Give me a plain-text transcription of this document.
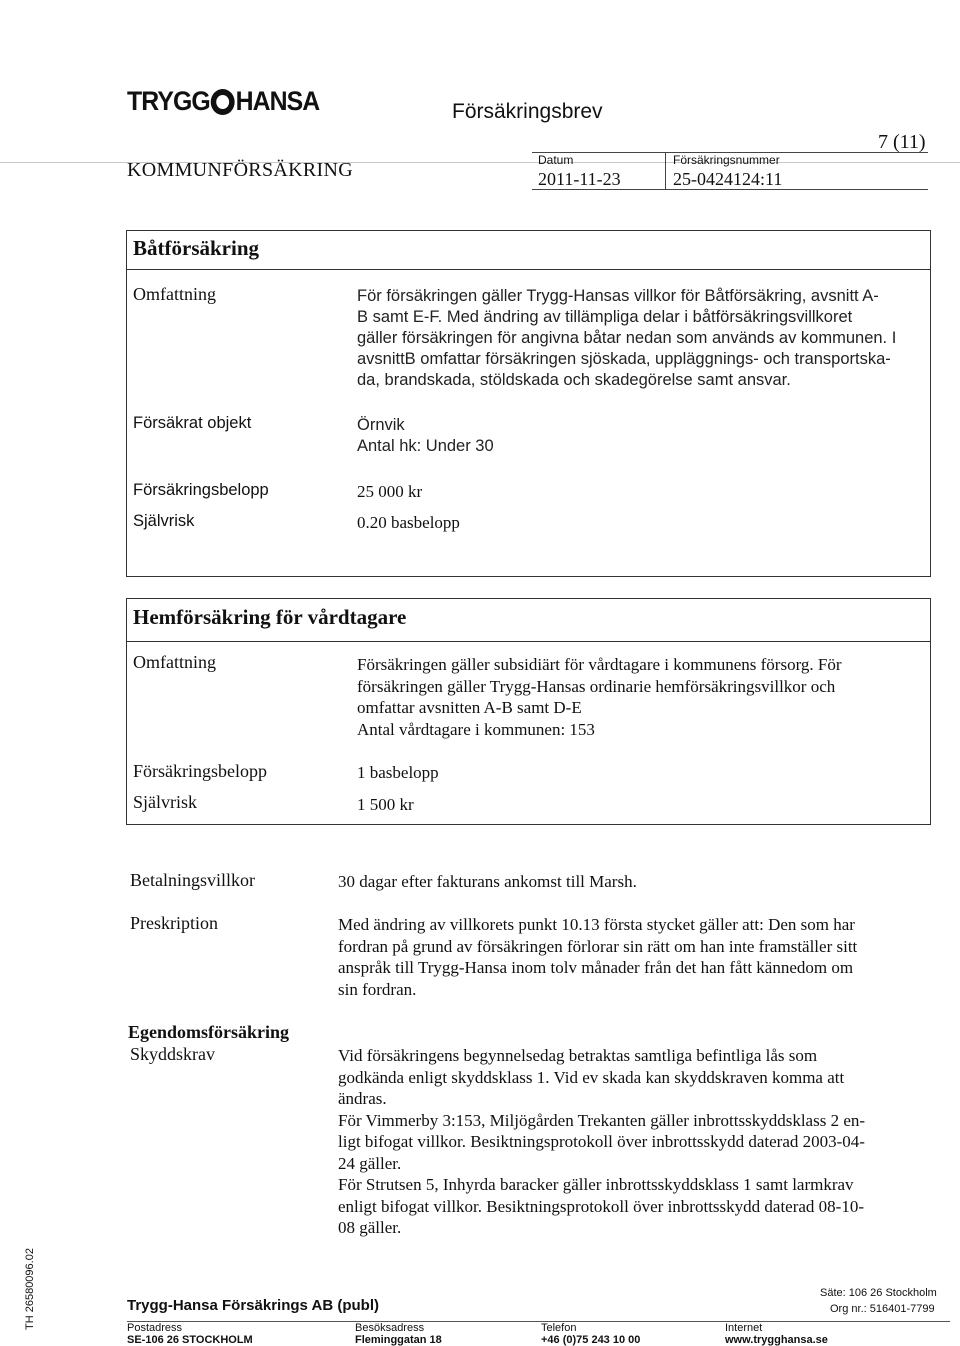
TRYGG HANSA	Försäkringsbrev
7 (11)
KOMMUNFÖRSÄKRING	Datum
2011-11-23
Försäkringsnummer
25-0424124:11
Båtförsäkring
Omfattning	För försäkringen gäller Trygg-Hansas villkor för Båtförsäkring, avsnitt A-
B samt E-F. Med ändring av tillämpliga delar i båtförsäkringsvillkoret
gäller försäkringen för angivna båtar nedan som används av kommunen. I
avsnittB omfattar försäkringen sjöskada, uppläggnings- och transportska-
da, brandskada, stöldskada och skadegörelse samt ansvar.
Försäkrat objekt	Örnvik
Antal hk: Under 30
Försäkringsbelopp	25 000 kr
Självrisk	0.20 basbelopp
Hemförsäkring för vårdtagare
Omfattning	Försäkringen gäller subsidiärt för vårdtagare i kommunens försorg. För
försäkringen gäller Trygg-Hansas ordinarie hemförsäkringsvillkor och
omfattar avsnitten A-B samt D-E
Antal vårdtagare i kommunen: 153
Försäkringsbelopp	1 basbelopp
Självrisk	1 500 kr
Betalningsvillkor	30 dagar efter fakturans ankomst till Marsh.
Preskription	Med ändring av villkorets punkt 10.13 första stycket gäller att: Den som har
fordran på grund av försäkringen förlorar sin rätt om han inte framställer sitt
anspråk till Trygg-Hansa inom tolv månader från det han fått kännedom om
sin fordran.
Egendomsförsäkring
Skyddskrav	Vid försäkringens begynnelsedag betraktas samtliga befintliga lås som
godkända enligt skyddsklass 1. Vid ev skada kan skyddskraven komma att
ändras.
För Vimmerby 3:153, Miljögården Trekanten gäller inbrottsskyddsklass 2 en-
ligt bifogat villkor. Besiktningsprotokoll över inbrottsskydd daterad 2003-04-
24 gäller.
För Strutsen 5, Inhyrda baracker gäller inbrottsskyddsklass 1 samt larmkrav
enligt bifogat villkor. Besiktningsprotokoll över inbrottsskydd daterad 08-10-
08 gäller.
TH 26580096.02	Trygg-Hansa Försäkrings AB (publ)
Säte: 106 26 Stockholm
Org nr.: 516401-7799
Postadress
SE-106 26 STOCKHOLM
Besöksadress
Fleminggatan 18
Telefon
+46 (0)75 243 10 00
Internet
www.trygghansa.se
